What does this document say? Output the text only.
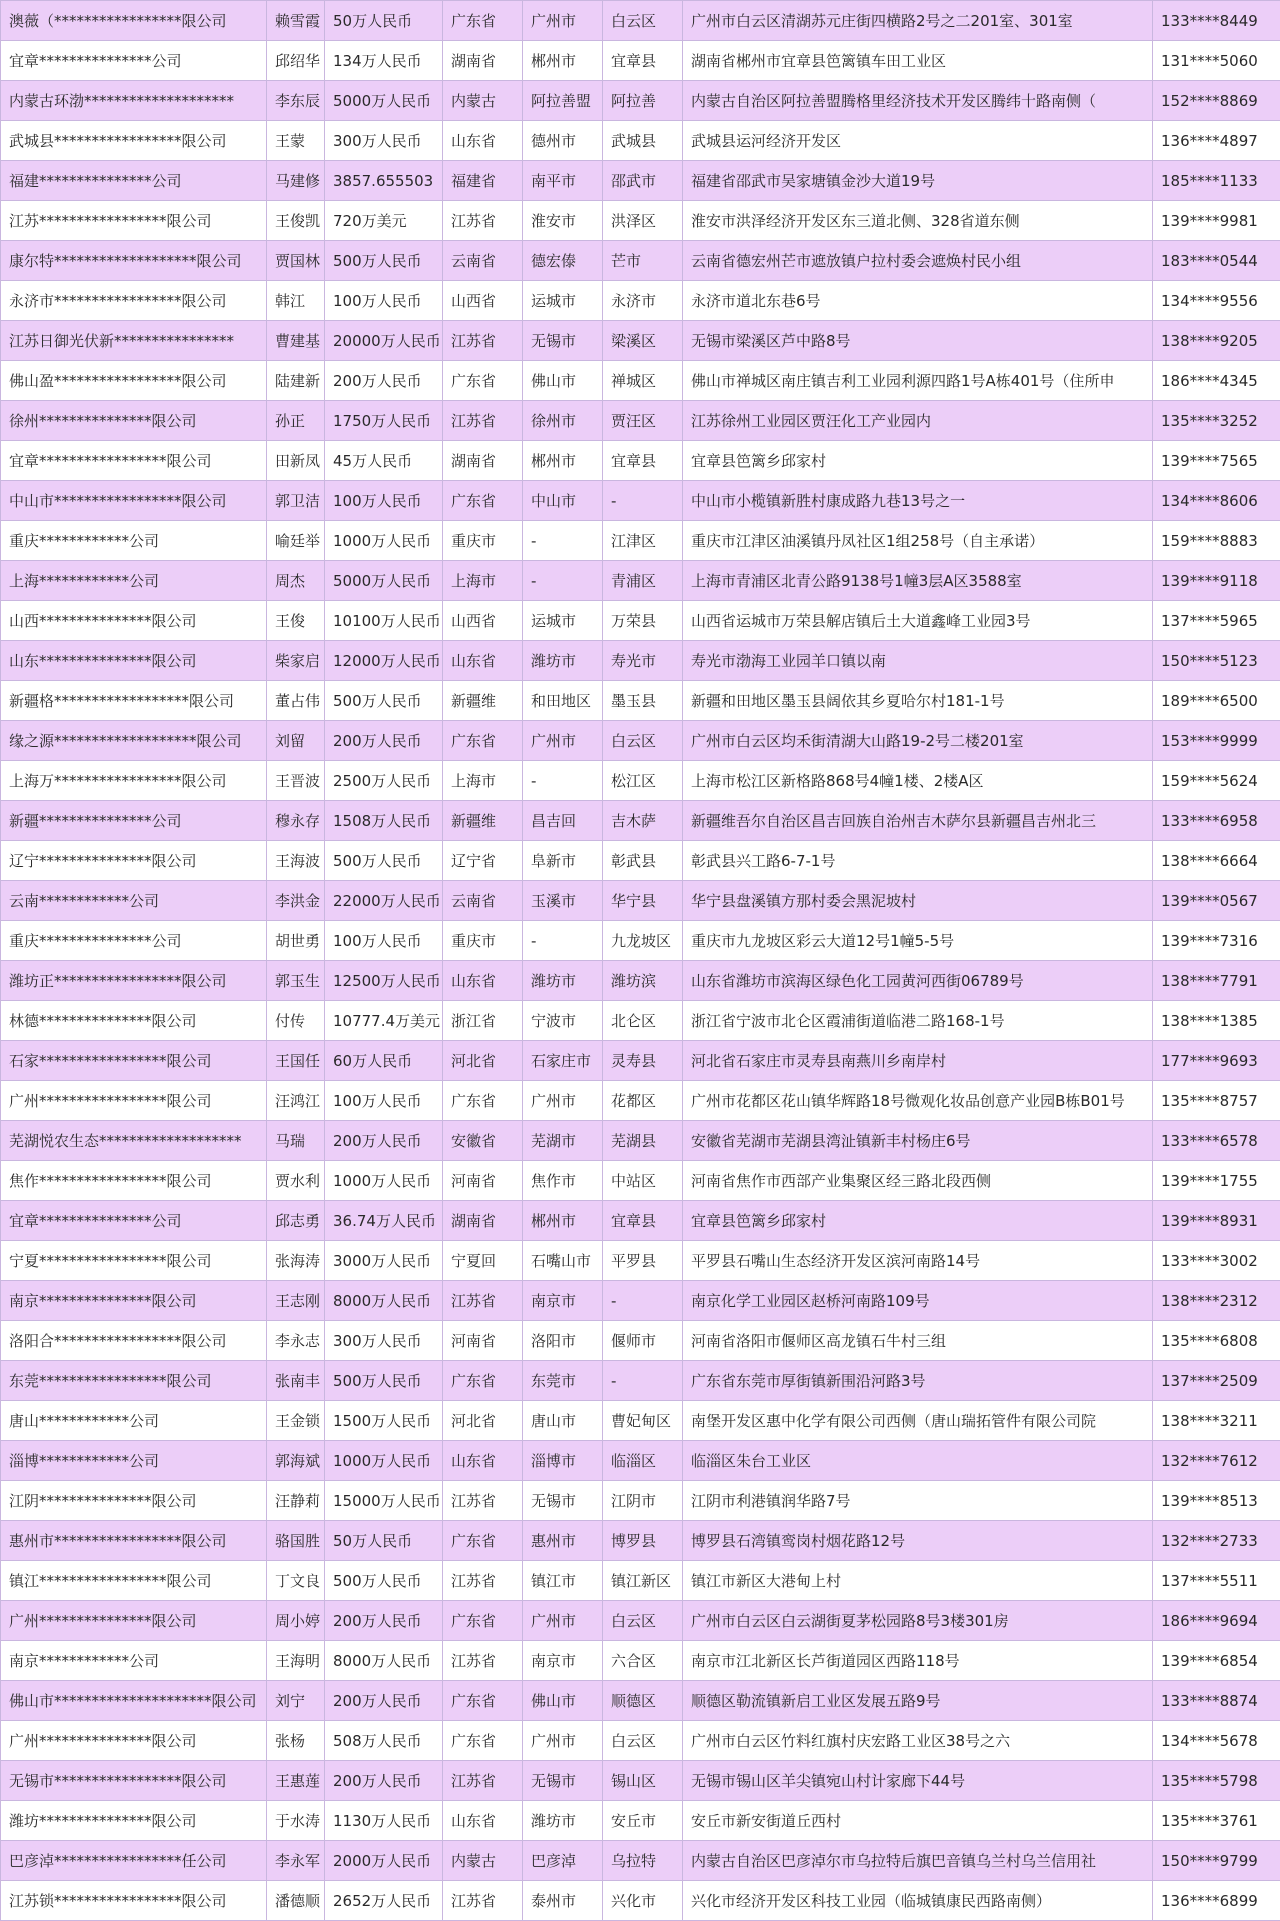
澳薇（*****************限公司	赖雪霞	50万人民币	广东省	广州市	白云区	广州市白云区清湖苏元庄街四横路2号之二201室、301室	133****8449
宜章***************公司	邱绍华	134万人民币	湖南省	郴州市	宜章县	湖南省郴州市宜章县笆篱镇车田工业区	131****5060
内蒙古环渤********************	李东辰	5000万人民币	内蒙古	阿拉善盟	阿拉善	内蒙古自治区阿拉善盟腾格里经济技术开发区腾纬十路南侧（	152****8869
武城县*****************限公司	王蒙	300万人民币	山东省	德州市	武城县	武城县运河经济开发区	136****4897
福建***************公司	马建修	3857.655503	福建省	南平市	邵武市	福建省邵武市吴家塘镇金沙大道19号	185****1133
江苏*****************限公司	王俊凯	720万美元	江苏省	淮安市	洪泽区	淮安市洪泽经济开发区东三道北侧、328省道东侧	139****9981
康尔特*******************限公司	贾国林	500万人民币	云南省	德宏傣	芒市	云南省德宏州芒市遮放镇户拉村委会遮焕村民小组	183****0544
永济市*****************限公司	韩江	100万人民币	山西省	运城市	永济市	永济市道北东巷6号	134****9556
江苏日御光伏新****************	曹建基	20000万人民币	江苏省	无锡市	梁溪区	无锡市梁溪区芦中路8号	138****9205
佛山盈*****************限公司	陆建新	200万人民币	广东省	佛山市	禅城区	佛山市禅城区南庄镇吉利工业园利源四路1号A栋401号（住所申	186****4345
徐州***************限公司	孙正	1750万人民币	江苏省	徐州市	贾汪区	江苏徐州工业园区贾汪化工产业园内	135****3252
宜章*****************限公司	田新凤	45万人民币	湖南省	郴州市	宜章县	宜章县笆篱乡邱家村	139****7565
中山市*****************限公司	郭卫洁	100万人民币	广东省	中山市	-	中山市小榄镇新胜村康成路九巷13号之一	134****8606
重庆************公司	喻廷举	1000万人民币	重庆市	-	江津区	重庆市江津区油溪镇丹凤社区1组258号（自主承诺）	159****8883
上海************公司	周杰	5000万人民币	上海市	-	青浦区	上海市青浦区北青公路9138号1幢3层A区3588室	139****9118
山西***************限公司	王俊	10100万人民币	山西省	运城市	万荣县	山西省运城市万荣县解店镇后土大道鑫峰工业园3号	137****5965
山东***************限公司	柴家启	12000万人民币	山东省	潍坊市	寿光市	寿光市渤海工业园羊口镇以南	150****5123
新疆格******************限公司	董占伟	500万人民币	新疆维	和田地区	墨玉县	新疆和田地区墨玉县阔依其乡夏哈尔村181-1号	189****6500
缘之源*******************限公司	刘留	200万人民币	广东省	广州市	白云区	广州市白云区均禾街清湖大山路19-2号二楼201室	153****9999
上海万*****************限公司	王晋波	2500万人民币	上海市	-	松江区	上海市松江区新格路868号4幢1楼、2楼A区	159****5624
新疆***************公司	穆永存	1508万人民币	新疆维	昌吉回	吉木萨	新疆维吾尔自治区昌吉回族自治州吉木萨尔县新疆昌吉州北三	133****6958
辽宁***************限公司	王海波	500万人民币	辽宁省	阜新市	彰武县	彰武县兴工路6-7-1号	138****6664
云南************公司	李洪金	22000万人民币	云南省	玉溪市	华宁县	华宁县盘溪镇方那村委会黑泥坡村	139****0567
重庆***************公司	胡世勇	100万人民币	重庆市	-	九龙坡区	重庆市九龙坡区彩云大道12号1幢5-5号	139****7316
潍坊正*****************限公司	郭玉生	12500万人民币	山东省	潍坊市	潍坊滨	山东省潍坊市滨海区绿色化工园黄河西街06789号	138****7791
林德***************限公司	付传	10777.4万美元	浙江省	宁波市	北仑区	浙江省宁波市北仑区霞浦街道临港二路168-1号	138****1385
石家*****************限公司	王国任	60万人民币	河北省	石家庄市	灵寿县	河北省石家庄市灵寿县南燕川乡南岸村	177****9693
广州*****************限公司	汪鸿江	100万人民币	广东省	广州市	花都区	广州市花都区花山镇华辉路18号微观化妆品创意产业园B栋B01号	135****8757
芜湖悦农生态*******************	马瑞	200万人民币	安徽省	芜湖市	芜湖县	安徽省芜湖市芜湖县湾沚镇新丰村杨庄6号	133****6578
焦作*****************限公司	贾水利	1000万人民币	河南省	焦作市	中站区	河南省焦作市西部产业集聚区经三路北段西侧	139****1755
宜章***************公司	邱志勇	36.74万人民币	湖南省	郴州市	宜章县	宜章县笆篱乡邱家村	139****8931
宁夏*****************限公司	张海涛	3000万人民币	宁夏回	石嘴山市	平罗县	平罗县石嘴山生态经济开发区滨河南路14号	133****3002
南京***************限公司	王志刚	8000万人民币	江苏省	南京市	-	南京化学工业园区赵桥河南路109号	138****2312
洛阳合*****************限公司	李永志	300万人民币	河南省	洛阳市	偃师市	河南省洛阳市偃师区高龙镇石牛村三组	135****6808
东莞*****************限公司	张南丰	500万人民币	广东省	东莞市	-	广东省东莞市厚街镇新围沿河路3号	137****2509
唐山************公司	王金锁	1500万人民币	河北省	唐山市	曹妃甸区	南堡开发区惠中化学有限公司西侧（唐山瑞拓管件有限公司院	138****3211
淄博************公司	郭海斌	1000万人民币	山东省	淄博市	临淄区	临淄区朱台工业区	132****7612
江阴***************限公司	汪静莉	15000万人民币	江苏省	无锡市	江阴市	江阴市利港镇润华路7号	139****8513
惠州市*****************限公司	骆国胜	50万人民币	广东省	惠州市	博罗县	博罗县石湾镇鸾岗村烟花路12号	132****2733
镇江*****************限公司	丁文良	500万人民币	江苏省	镇江市	镇江新区	镇江市新区大港甸上村	137****5511
广州***************限公司	周小婷	200万人民币	广东省	广州市	白云区	广州市白云区白云湖街夏茅松园路8号3楼301房	186****9694
南京************公司	王海明	8000万人民币	江苏省	南京市	六合区	南京市江北新区长芦街道园区西路118号	139****6854
佛山市*********************限公司	刘宁	200万人民币	广东省	佛山市	顺德区	顺德区勒流镇新启工业区发展五路9号	133****8874
广州***************限公司	张杨	508万人民币	广东省	广州市	白云区	广州市白云区竹料红旗村庆宏路工业区38号之六	134****5678
无锡市*****************限公司	王惠莲	200万人民币	江苏省	无锡市	锡山区	无锡市锡山区羊尖镇宛山村计家廊下44号	135****5798
潍坊***************限公司	于水涛	1130万人民币	山东省	潍坊市	安丘市	安丘市新安街道丘西村	135****3761
巴彦淖*****************任公司	李永军	2000万人民币	内蒙古	巴彦淖	乌拉特	内蒙古自治区巴彦淖尔市乌拉特后旗巴音镇乌兰村乌兰信用社	150****9799
江苏锁*****************限公司	潘德顺	2652万人民币	江苏省	泰州市	兴化市	兴化市经济开发区科技工业园（临城镇康民西路南侧）	136****6899
